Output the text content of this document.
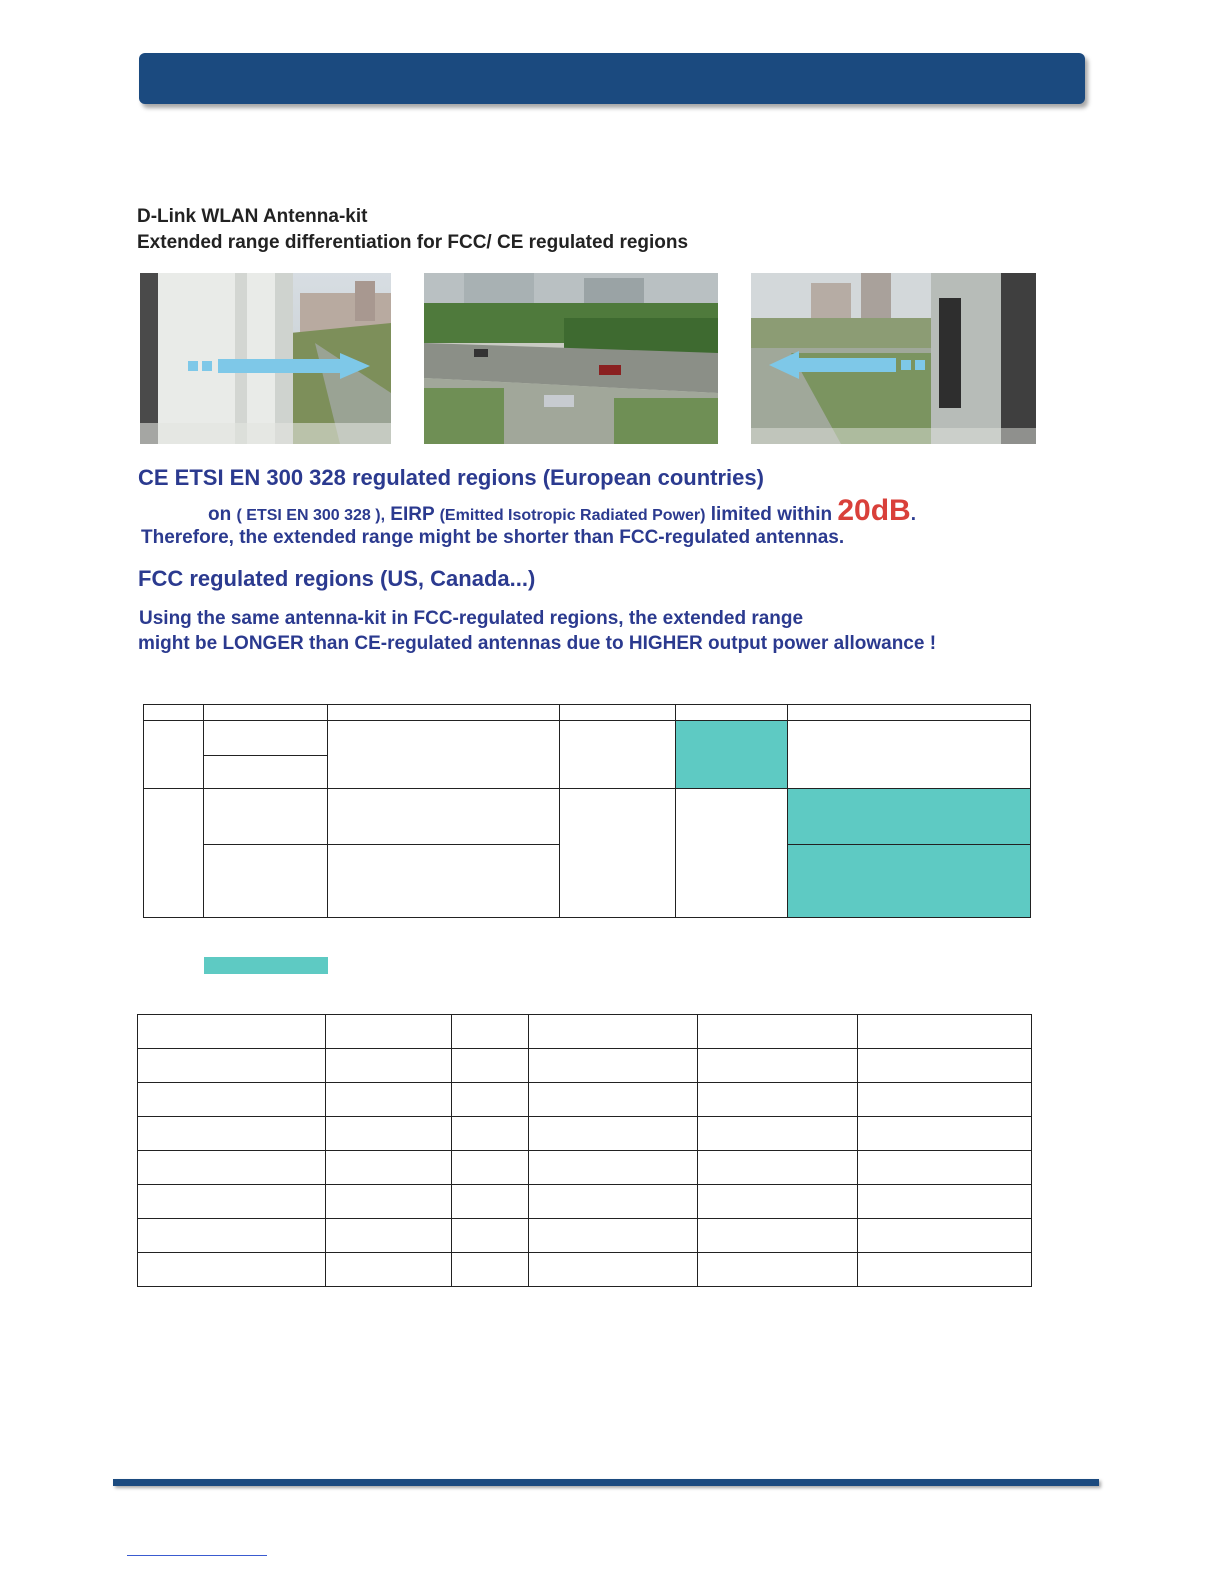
D-Link WLAN Antenna-kit
Extended range differentiation for FCC/ CE regulated regions
CE ETSI EN 300 328 regulated regions (European countries)
on ( ETSI EN 300 328 ), EIRP (Emitted Isotropic Radiated Power) limited within 20dB.
Therefore, the extended range might be shorter than FCC-regulated antennas.
FCC regulated regions (US, Canada...)
Using the same antenna-kit in FCC-regulated regions, the extended range
might be LONGER than CE-regulated antennas due to HIGHER output power allowance !
